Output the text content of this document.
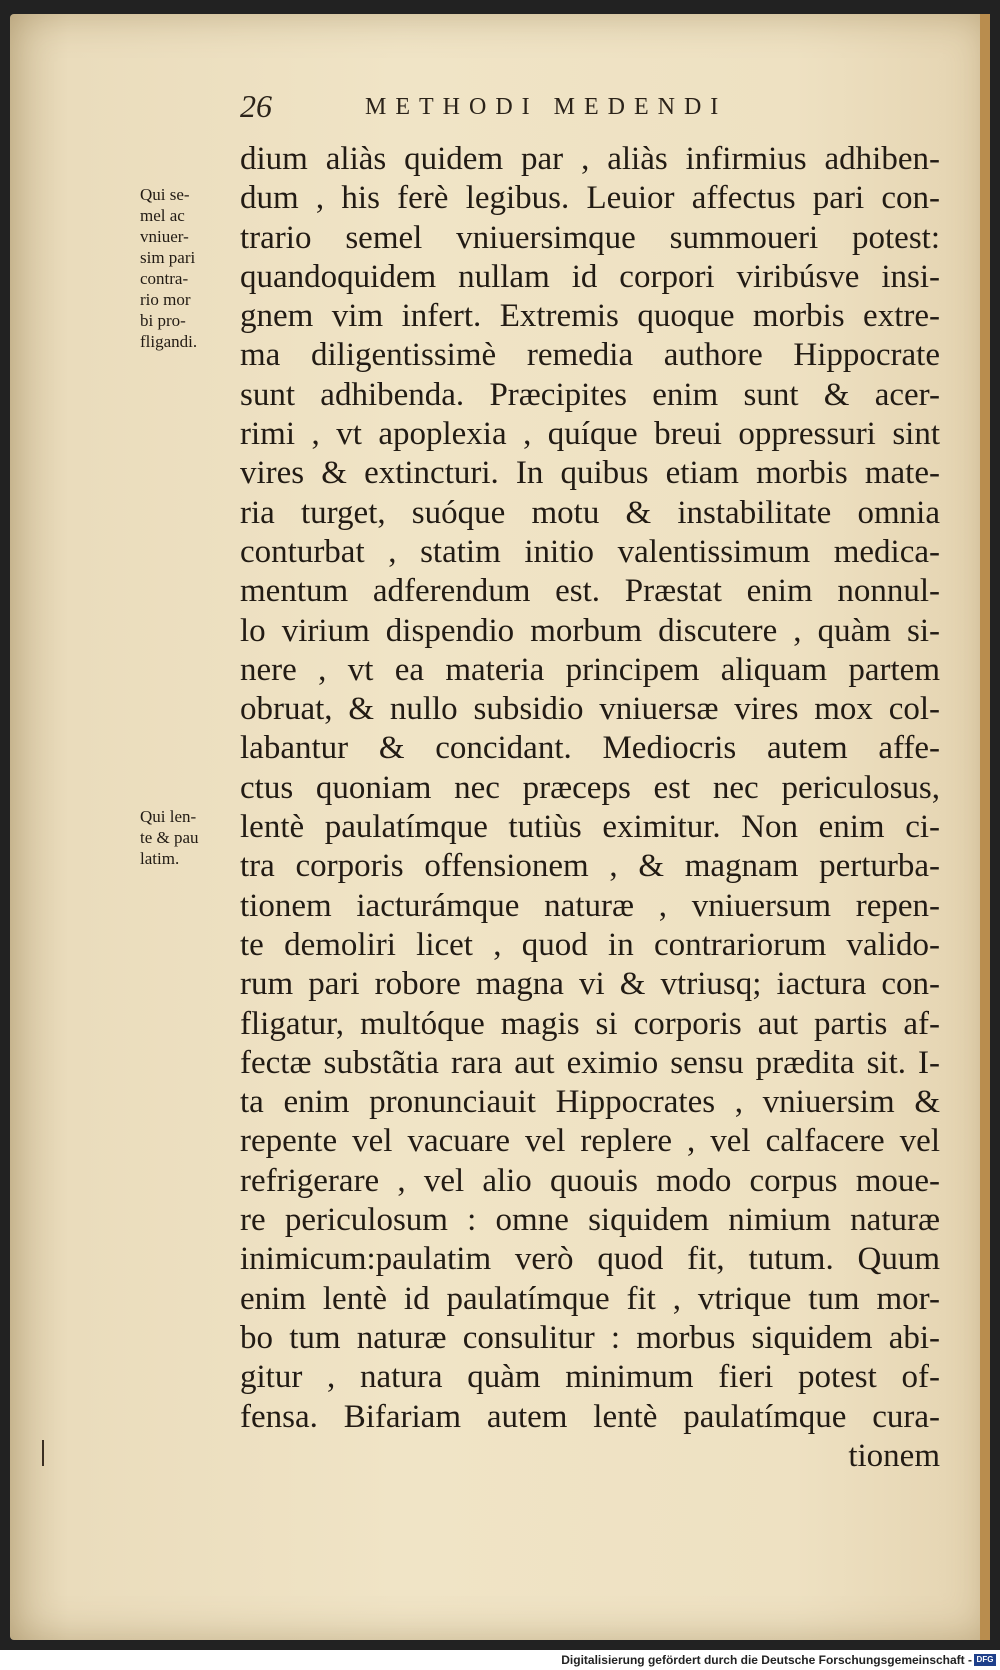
26	METHODI MEDENDI
dium aliàs quidem par , aliàs infirmius adhiben-
dum , his ferè legibus. Leuior affectus pari con-
trario semel vniuersimque summoueri potest:
quandoquidem nullam id corpori viribúsve insi-
gnem vim infert. Extremis quoque morbis extre-
ma diligentissimè remedia authore Hippocrate
sunt adhibenda. Præcipites enim sunt & acer-
rimi , vt apoplexia , quíque breui oppressuri sint
vires & extincturi. In quibus etiam morbis mate-
ria turget, suóque motu & instabilitate omnia
conturbat , statim initio valentissimum medica-
mentum adferendum est. Præstat enim nonnul-
lo virium dispendio morbum discutere , quàm si-
nere , vt ea materia principem aliquam partem
obruat, & nullo subsidio vniuersæ vires mox col-
labantur & concidant. Mediocris autem affe-
ctus quoniam nec præceps est nec periculosus,
lentè paulatímque tutiùs eximitur. Non enim ci-
tra corporis offensionem , & magnam perturba-
tionem iacturámque naturæ , vniuersum repen-
te demoliri licet , quod in contrariorum valido-
rum pari robore magna vi & vtriusq; iactura con-
fligatur, multóque magis si corporis aut partis af-
fectæ substãtia rara aut eximio sensu prædita sit. I-
ta enim pronunciauit Hippocrates , vniuersim &
repente vel vacuare vel replere , vel calfacere vel
refrigerare , vel alio quouis modo corpus moue-
re periculosum : omne siquidem nimium naturæ
inimicum:paulatim verò quod fit, tutum. Quum
enim lentè id paulatímque fit , vtrique tum mor-
bo tum naturæ consulitur : morbus siquidem abi-
gitur , natura quàm minimum fieri potest of-
fensa. Bifariam autem lentè paulatímque cura-
tionem
Qui se-
mel ac
vniuer-
sim pari
contra-
rio mor
bi pro-
fligandi.
Qui len-
te & pau
latim.
Digitalisierung gefördert durch die Deutsche Forschungsgemeinschaft - DFG
